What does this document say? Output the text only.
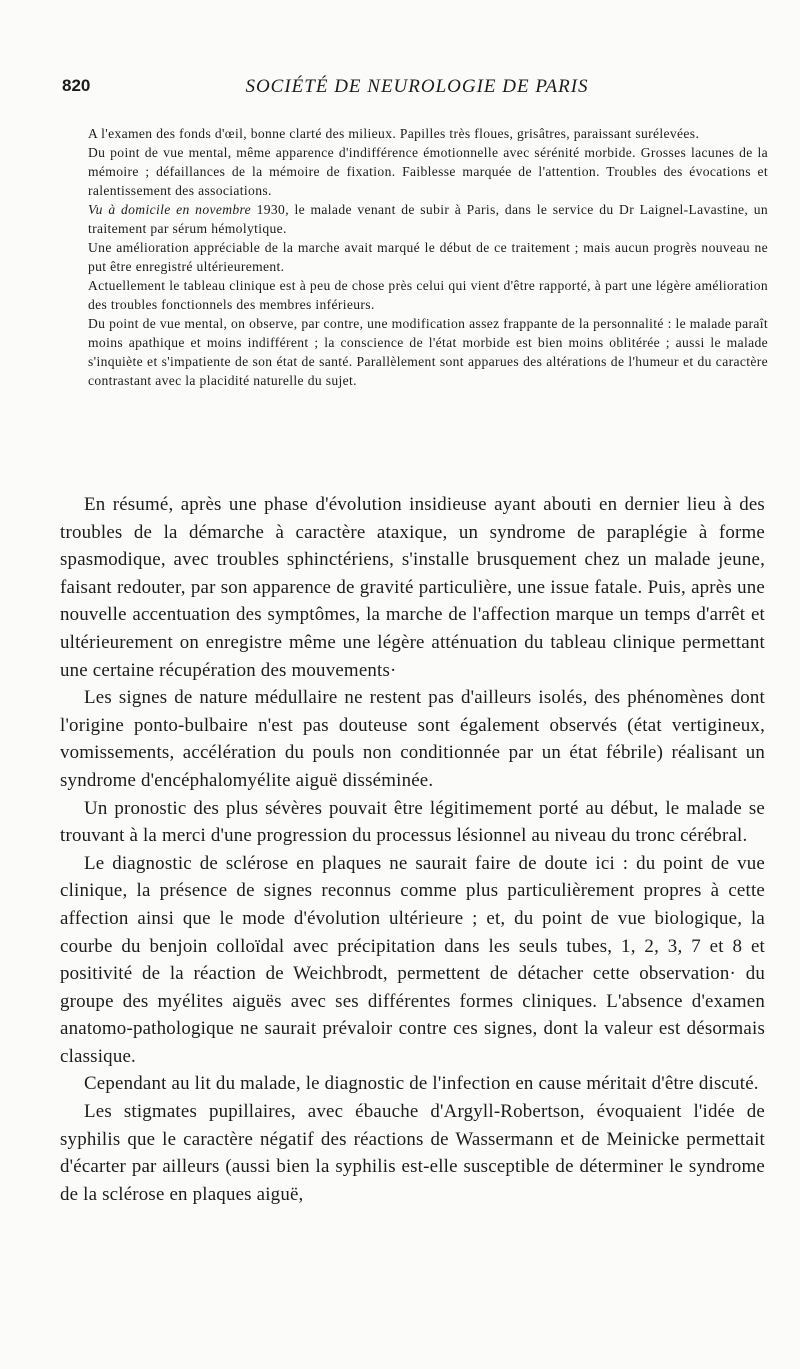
820	SOCIÉTÉ DE NEUROLOGIE DE PARIS

A l'examen des fonds d'œil, bonne clarté des milieux. Papilles très floues, grisâtres, paraissant surélevées.

Du point de vue mental, même apparence d'indifférence émotionnelle avec sérénité morbide. Grosses lacunes de la mémoire ; défaillances de la mémoire de fixation. Faiblesse marquée de l'attention. Troubles des évocations et ralentissement des associations.

Vu à domicile en novembre 1930, le malade venant de subir à Paris, dans le service du Dr Laignel-Lavastine, un traitement par sérum hémolytique.

Une amélioration appréciable de la marche avait marqué le début de ce traitement ; mais aucun progrès nouveau ne put être enregistré ultérieurement.

Actuellement le tableau clinique est à peu de chose près celui qui vient d'être rapporté, à part une légère amélioration des troubles fonctionnels des membres inférieurs.

Du point de vue mental, on observe, par contre, une modification assez frappante de la personnalité : le malade paraît moins apathique et moins indifférent ; la conscience de l'état morbide est bien moins oblitérée ; aussi le malade s'inquiète et s'impatiente de son état de santé. Parallèlement sont apparues des altérations de l'humeur et du caractère contrastant avec la placidité naturelle du sujet.

En résumé, après une phase d'évolution insidieuse ayant abouti en dernier lieu à des troubles de la démarche à caractère ataxique, un syndrome de paraplégie à forme spasmodique, avec troubles sphinctériens, s'installe brusquement chez un malade jeune, faisant redouter, par son apparence de gravité particulière, une issue fatale. Puis, après une nouvelle accentuation des symptômes, la marche de l'affection marque un temps d'arrêt et ultérieurement on enregistre même une légère atténuation du tableau clinique permettant une certaine récupération des mouvements·

Les signes de nature médullaire ne restent pas d'ailleurs isolés, des phénomènes dont l'origine ponto-bulbaire n'est pas douteuse sont également observés (état vertigineux, vomissements, accélération du pouls non conditionnée par un état fébrile) réalisant un syndrome d'encéphalomyélite aiguë disséminée.

Un pronostic des plus sévères pouvait être légitimement porté au début, le malade se trouvant à la merci d'une progression du processus lésionnel au niveau du tronc cérébral.

Le diagnostic de sclérose en plaques ne saurait faire de doute ici : du point de vue clinique, la présence de signes reconnus comme plus particulièrement propres à cette affection ainsi que le mode d'évolution ultérieure ; et, du point de vue biologique, la courbe du benjoin colloïdal avec précipitation dans les seuls tubes, 1, 2, 3, 7 et 8 et positivité de la réaction de Weichbrodt, permettent de détacher cette observation· du groupe des myélites aiguës avec ses différentes formes cliniques. L'absence d'examen anatomo-pathologique ne saurait prévaloir contre ces signes, dont la valeur est désormais classique.

Cependant au lit du malade, le diagnostic de l'infection en cause méritait d'être discuté.

Les stigmates pupillaires, avec ébauche d'Argyll-Robertson, évoquaient l'idée de syphilis que le caractère négatif des réactions de Wassermann et de Meinicke permettait d'écarter par ailleurs (aussi bien la syphilis est-elle susceptible de déterminer le syndrome de la sclérose en plaques aiguë,
